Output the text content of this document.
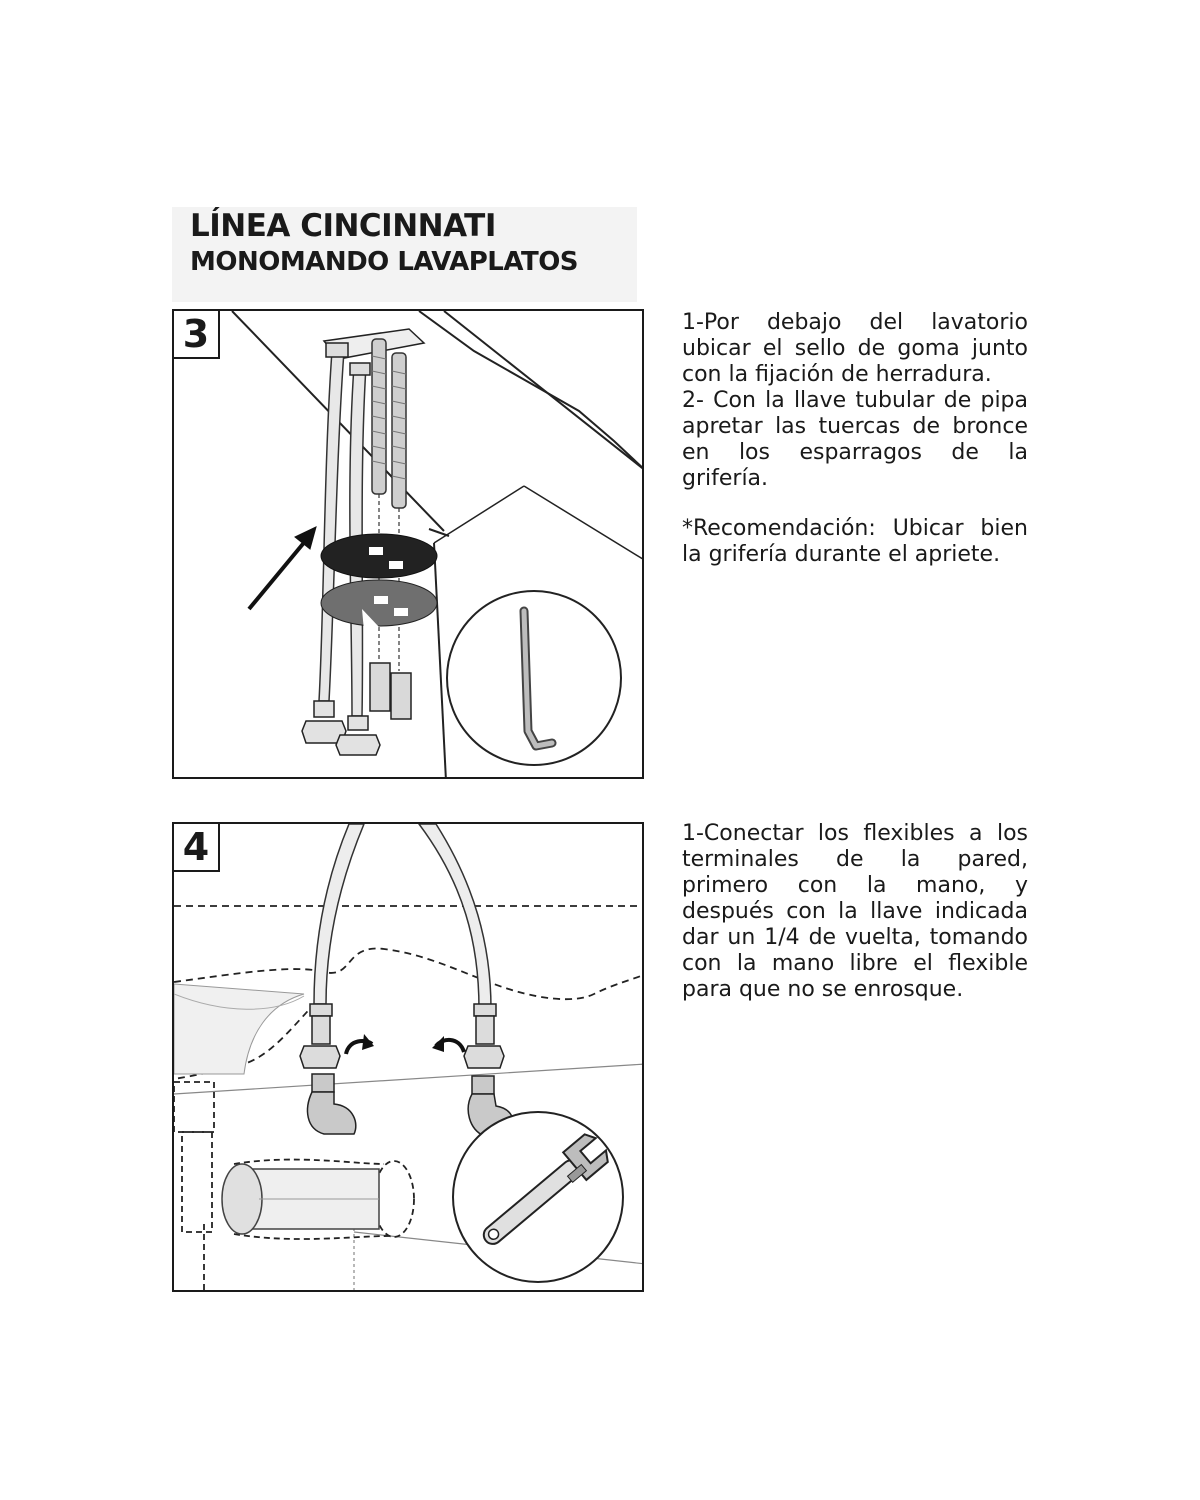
LÍNEA CINCINNATI
MONOMANDO LAVAPLATOS
3	1-Por debajo del lavatorio ubicar el sello de goma junto con la fijación de herradura.

2- Con la llave tubular de pipa apretar las tuercas de bronce en los esparragos de la grifería.

*Recomendación: Ubicar bien la grifería durante el apriete.

4	1-Conectar los flexibles a los terminales de la pared, primero con la mano, y después con la llave indicada dar un 1/4 de vuelta, tomando con la mano libre el flexible para que no se enrosque.
